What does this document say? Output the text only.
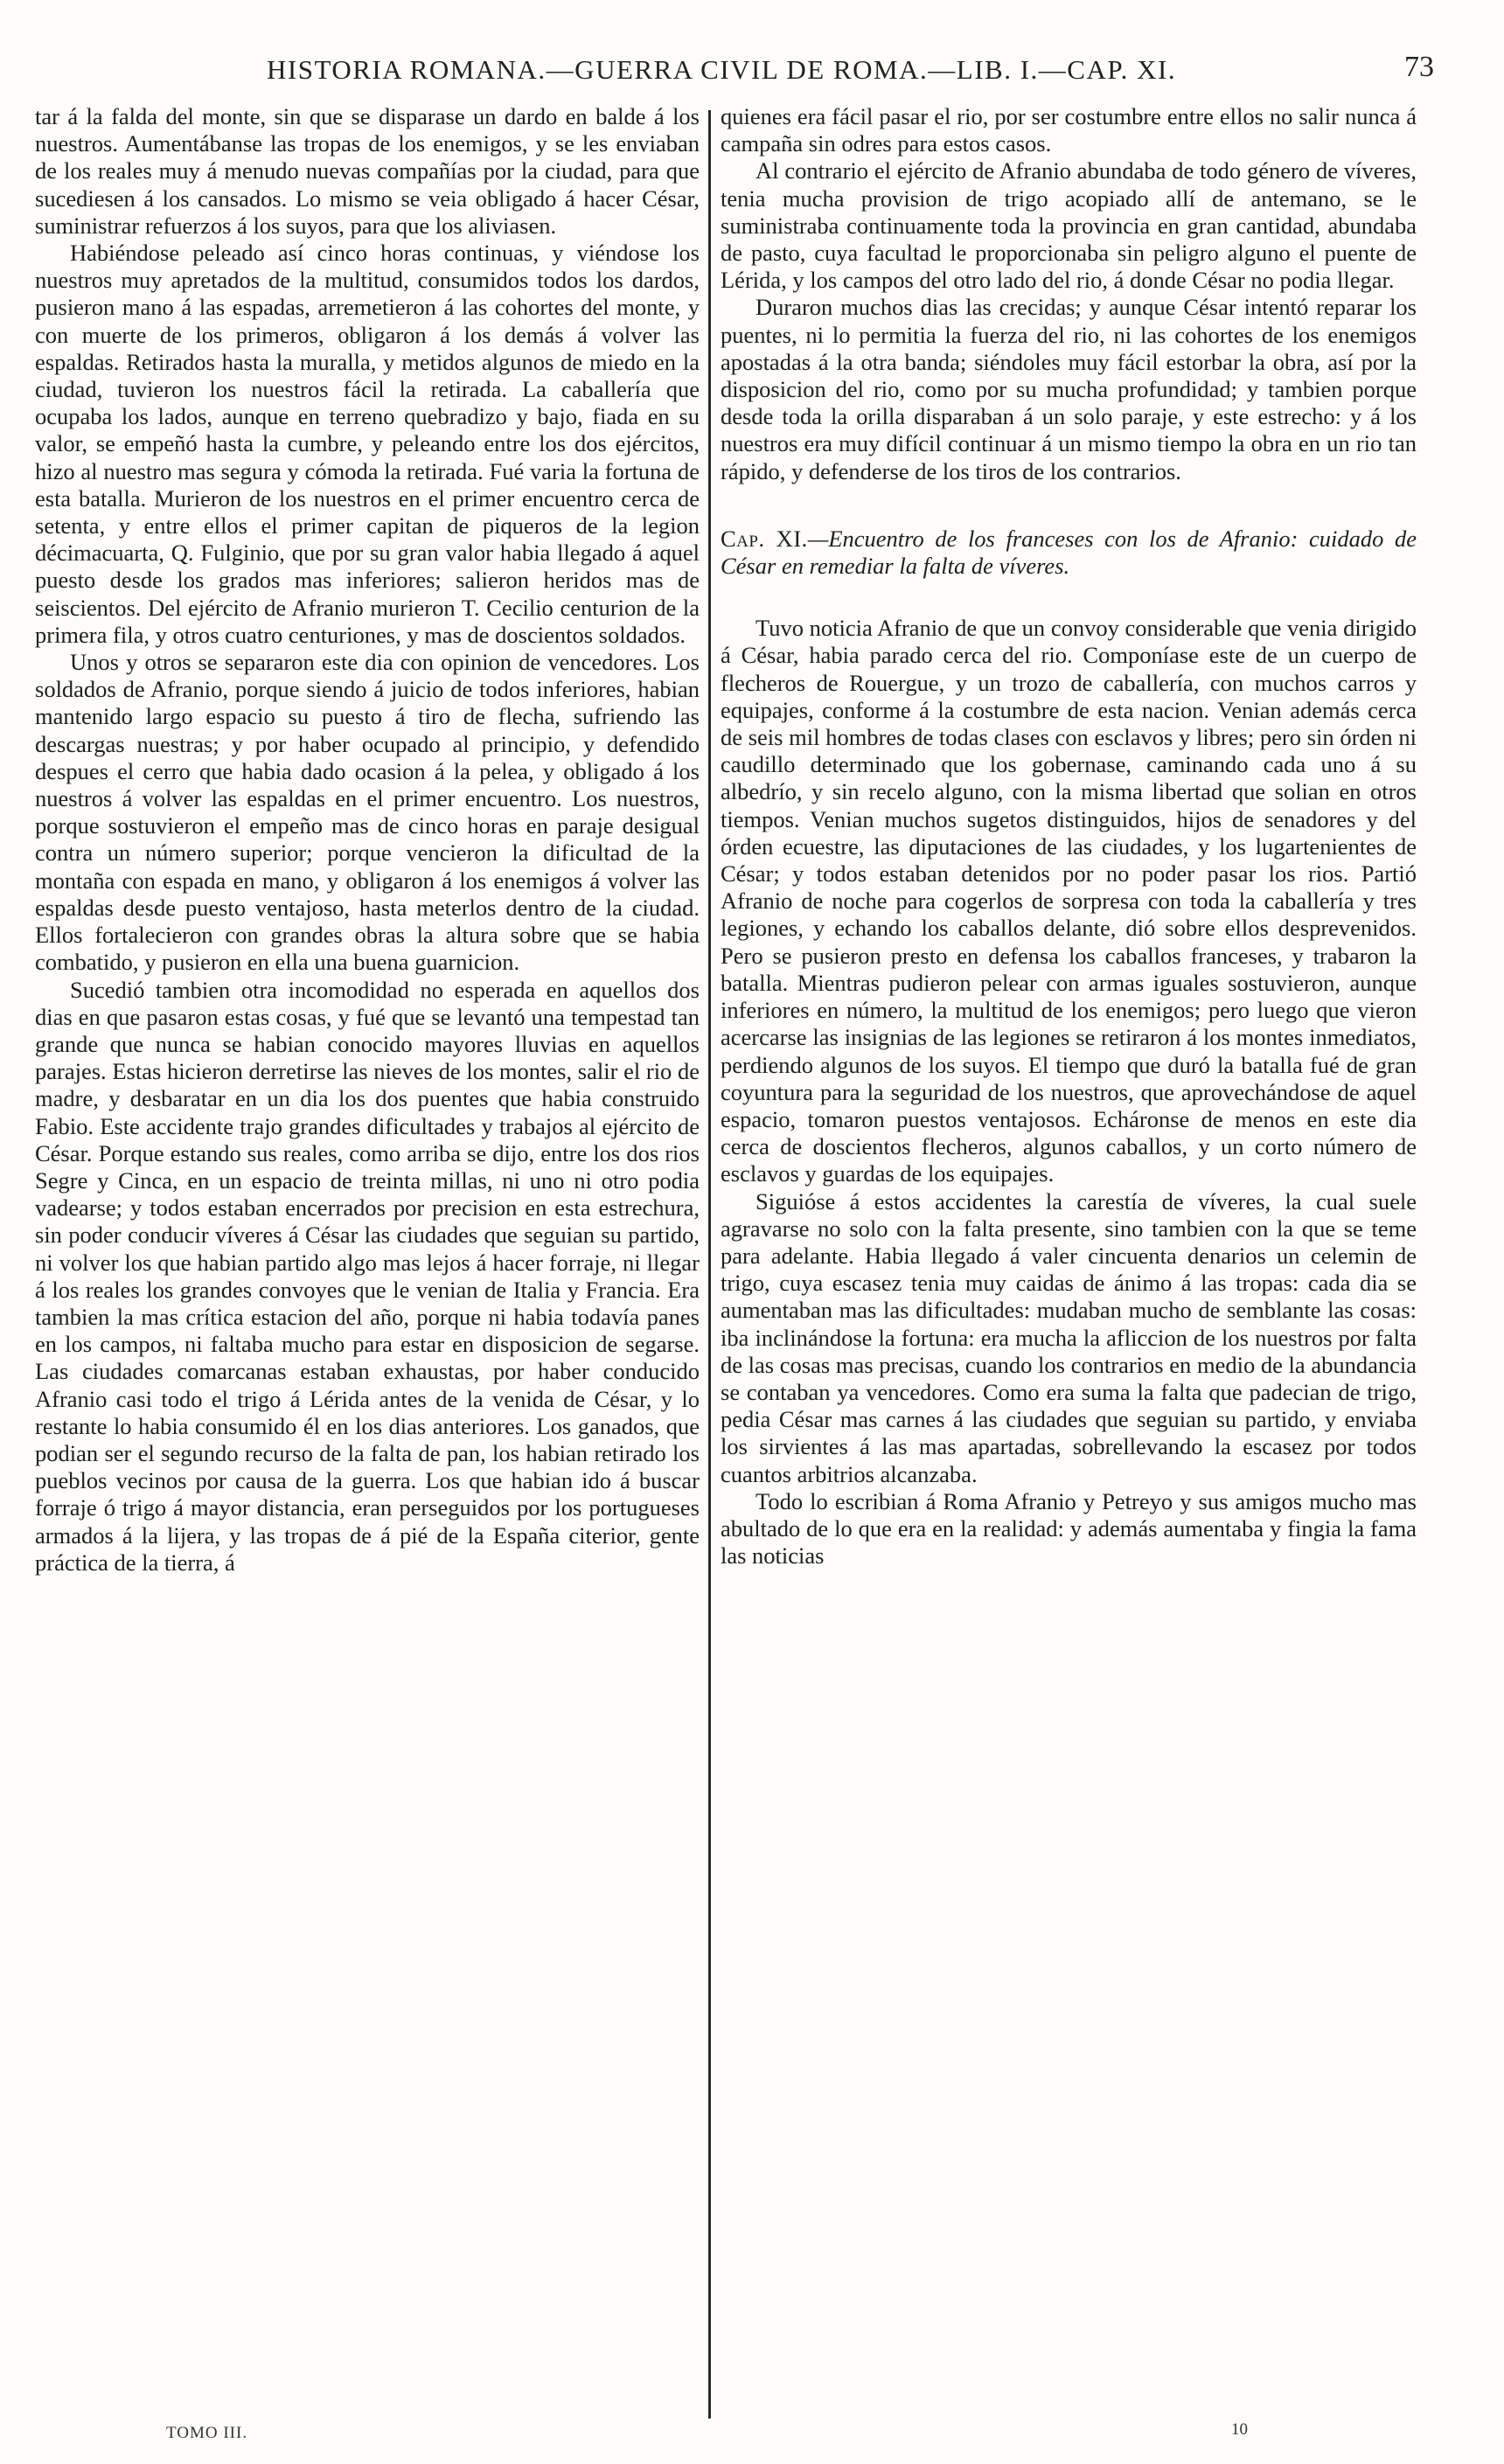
HISTORIA ROMANA.—GUERRA CIVIL DE ROMA.—LIB. I.—CAP. XI.	73

tar á la falda del monte, sin que se disparase un dardo en balde á los nuestros. Aumentábanse las tropas de los enemigos, y se les enviaban de los reales muy á menudo nuevas compañías por la ciudad, para que sucediesen á los cansados. Lo mismo se veia obligado á hacer César, suministrar refuerzos á los suyos, para que los aliviasen.

Habiéndose peleado así cinco horas continuas, y viéndose los nuestros muy apretados de la multitud, consumidos todos los dardos, pusieron mano á las espadas, arremetieron á las cohortes del monte, y con muerte de los primeros, obligaron á los demás á volver las espaldas. Retirados hasta la muralla, y metidos algunos de miedo en la ciudad, tuvieron los nuestros fácil la retirada. La caballería que ocupaba los lados, aunque en terreno quebradizo y bajo, fiada en su valor, se empeñó hasta la cumbre, y peleando entre los dos ejércitos, hizo al nuestro mas segura y cómoda la retirada. Fué varia la fortuna de esta batalla. Murieron de los nuestros en el primer encuentro cerca de setenta, y entre ellos el primer capitan de piqueros de la legion décimacuarta, Q. Fulginio, que por su gran valor habia llegado á aquel puesto desde los grados mas inferiores; salieron heridos mas de seiscientos. Del ejército de Afranio murieron T. Cecilio centurion de la primera fila, y otros cuatro centuriones, y mas de doscientos soldados.

Unos y otros se separaron este dia con opinion de vencedores. Los soldados de Afranio, porque siendo á juicio de todos inferiores, habian mantenido largo espacio su puesto á tiro de flecha, sufriendo las descargas nuestras; y por haber ocupado al principio, y defendido despues el cerro que habia dado ocasion á la pelea, y obligado á los nuestros á volver las espaldas en el primer encuentro. Los nuestros, porque sostuvieron el empeño mas de cinco horas en paraje desigual contra un número superior; porque vencieron la dificultad de la montaña con espada en mano, y obligaron á los enemigos á volver las espaldas desde puesto ventajoso, hasta meterlos dentro de la ciudad. Ellos fortalecieron con grandes obras la altura sobre que se habia combatido, y pusieron en ella una buena guarnicion.

Sucedió tambien otra incomodidad no esperada en aquellos dos dias en que pasaron estas cosas, y fué que se levantó una tempestad tan grande que nunca se habian conocido mayores lluvias en aquellos parajes. Estas hicieron derretirse las nieves de los montes, salir el rio de madre, y desbaratar en un dia los dos puentes que habia construido Fabio. Este accidente trajo grandes dificultades y trabajos al ejército de César. Porque estando sus reales, como arriba se dijo, entre los dos rios Segre y Cinca, en un espacio de treinta millas, ni uno ni otro podia vadearse; y todos estaban encerrados por precision en esta estrechura, sin poder conducir víveres á César las ciudades que seguian su partido, ni volver los que habian partido algo mas lejos á hacer forraje, ni llegar á los reales los grandes convoyes que le venian de Italia y Francia. Era tambien la mas crítica estacion del año, porque ni habia todavía panes en los campos, ni faltaba mucho para estar en disposicion de segarse. Las ciudades comarcanas estaban exhaustas, por haber conducido Afranio casi todo el trigo á Lérida antes de la venida de César, y lo restante lo habia consumido él en los dias anteriores. Los ganados, que podian ser el segundo recurso de la falta de pan, los habian retirado los pueblos vecinos por causa de la guerra. Los que habian ido á buscar forraje ó trigo á mayor distancia, eran perseguidos por los portugueses armados á la lijera, y las tropas de á pié de la España citerior, gente práctica de la tierra, á

quienes era fácil pasar el rio, por ser costumbre entre ellos no salir nunca á campaña sin odres para estos casos.

Al contrario el ejército de Afranio abundaba de todo género de víveres, tenia mucha provision de trigo acopiado allí de antemano, se le suministraba continuamente toda la provincia en gran cantidad, abundaba de pasto, cuya facultad le proporcionaba sin peligro alguno el puente de Lérida, y los campos del otro lado del rio, á donde César no podia llegar.

Duraron muchos dias las crecidas; y aunque César intentó reparar los puentes, ni lo permitia la fuerza del rio, ni las cohortes de los enemigos apostadas á la otra banda; siéndoles muy fácil estorbar la obra, así por la disposicion del rio, como por su mucha profundidad; y tambien porque desde toda la orilla disparaban á un solo paraje, y este estrecho: y á los nuestros era muy difícil continuar á un mismo tiempo la obra en un rio tan rápido, y defenderse de los tiros de los contrarios.

Cap. XI.—Encuentro de los franceses con los de Afranio: cuidado de César en remediar la falta de víveres.

Tuvo noticia Afranio de que un convoy considerable que venia dirigido á César, habia parado cerca del rio. Componíase este de un cuerpo de flecheros de Rouergue, y un trozo de caballería, con muchos carros y equipajes, conforme á la costumbre de esta nacion. Venian además cerca de seis mil hombres de todas clases con esclavos y libres; pero sin órden ni caudillo determinado que los gobernase, caminando cada uno á su albedrío, y sin recelo alguno, con la misma libertad que solian en otros tiempos. Venian muchos sugetos distinguidos, hijos de senadores y del órden ecuestre, las diputaciones de las ciudades, y los lugartenientes de César; y todos estaban detenidos por no poder pasar los rios. Partió Afranio de noche para cogerlos de sorpresa con toda la caballería y tres legiones, y echando los caballos delante, dió sobre ellos desprevenidos. Pero se pusieron presto en defensa los caballos franceses, y trabaron la batalla. Mientras pudieron pelear con armas iguales sostuvieron, aunque inferiores en número, la multitud de los enemigos; pero luego que vieron acercarse las insignias de las legiones se retiraron á los montes inmediatos, perdiendo algunos de los suyos. El tiempo que duró la batalla fué de gran coyuntura para la seguridad de los nuestros, que aprovechándose de aquel espacio, tomaron puestos ventajosos. Echáronse de menos en este dia cerca de doscientos flecheros, algunos caballos, y un corto número de esclavos y guardas de los equipajes.

Siguióse á estos accidentes la carestía de víveres, la cual suele agravarse no solo con la falta presente, sino tambien con la que se teme para adelante. Habia llegado á valer cincuenta denarios un celemin de trigo, cuya escasez tenia muy caidas de ánimo á las tropas: cada dia se aumentaban mas las dificultades: mudaban mucho de semblante las cosas: iba inclinándose la fortuna: era mucha la afliccion de los nuestros por falta de las cosas mas precisas, cuando los contrarios en medio de la abundancia se contaban ya vencedores. Como era suma la falta que padecian de trigo, pedia César mas carnes á las ciudades que seguian su partido, y enviaba los sirvientes á las mas apartadas, sobrellevando la escasez por todos cuantos arbitrios alcanzaba.

Todo lo escribian á Roma Afranio y Petreyo y sus amigos mucho mas abultado de lo que era en la realidad: y además aumentaba y fingia la fama las noticias

TOMO III.	10
